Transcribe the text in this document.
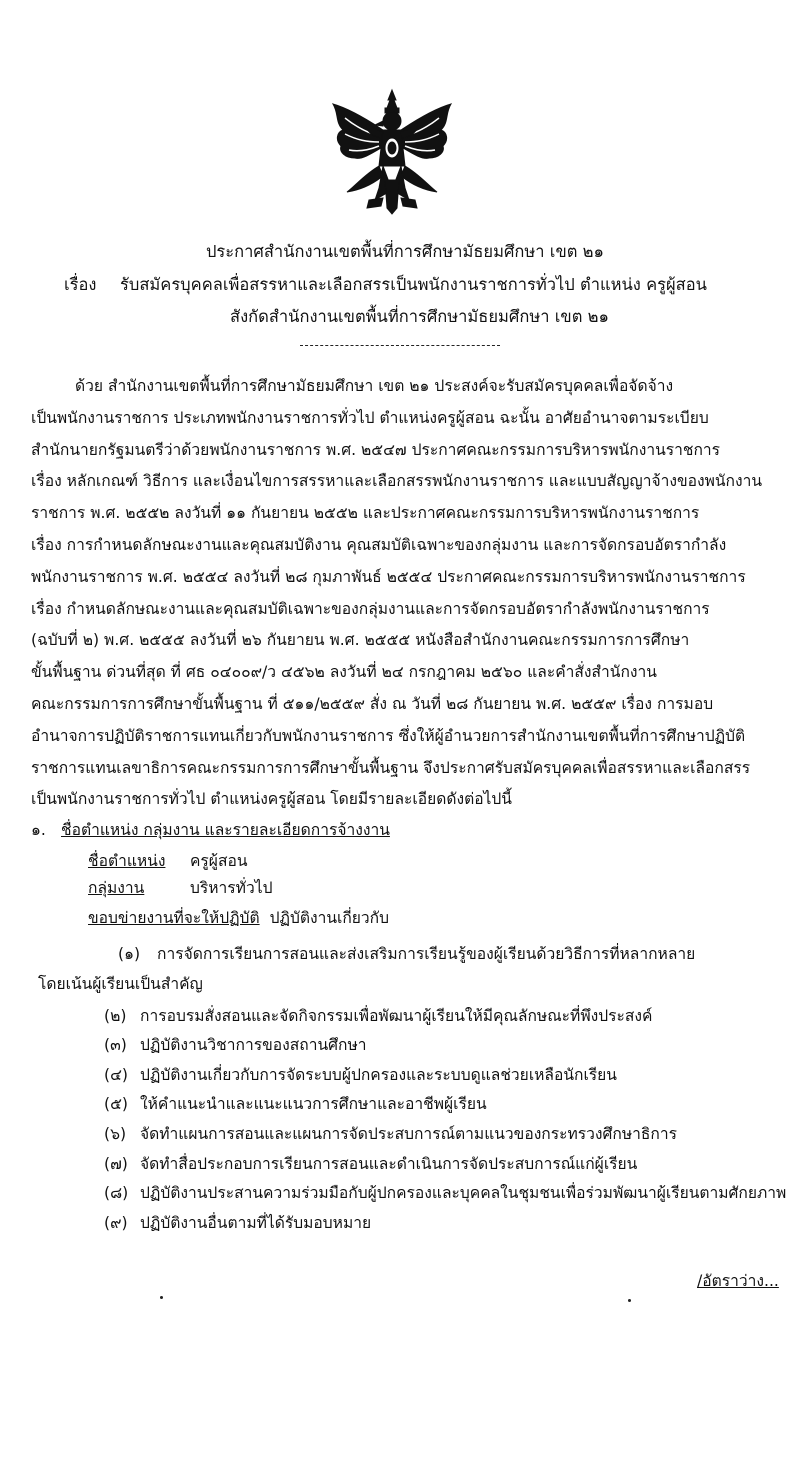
ประกาศสำนักงานเขตพื้นที่การศึกษามัธยมศึกษา เขต ๒๑
เรื่อง รับสมัครบุคคลเพื่อสรรหาและเลือกสรรเป็นพนักงานราชการทั่วไป ตำแหน่ง ครูผู้สอน
สังกัดสำนักงานเขตพื้นที่การศึกษามัธยมศึกษา เขต ๒๑
ด้วย สำนักงานเขตพื้นที่การศึกษามัธยมศึกษา เขต ๒๑ ประสงค์จะรับสมัครบุคคลเพื่อจัดจ้าง
เป็นพนักงานราชการ ประเภทพนักงานราชการทั่วไป ตำแหน่งครูผู้สอน ฉะนั้น อาศัยอำนาจตามระเบียบ
สำนักนายกรัฐมนตรีว่าด้วยพนักงานราชการ พ.ศ. ๒๕๔๗ ประกาศคณะกรรมการบริหารพนักงานราชการ
เรื่อง หลักเกณฑ์ วิธีการ และเงื่อนไขการสรรหาและเลือกสรรพนักงานราชการ และแบบสัญญาจ้างของพนักงาน
ราชการ พ.ศ. ๒๕๕๒ ลงวันที่ ๑๑ กันยายน ๒๕๕๒ และประกาศคณะกรรมการบริหารพนักงานราชการ
เรื่อง การกำหนดลักษณะงานและคุณสมบัติงาน คุณสมบัติเฉพาะของกลุ่มงาน และการจัดกรอบอัตรากำลัง
พนักงานราชการ พ.ศ. ๒๕๕๔ ลงวันที่ ๒๘ กุมภาพันธ์ ๒๕๕๔ ประกาศคณะกรรมการบริหารพนักงานราชการ
เรื่อง กำหนดลักษณะงานและคุณสมบัติเฉพาะของกลุ่มงานและการจัดกรอบอัตรากำลังพนักงานราชการ
(ฉบับที่ ๒) พ.ศ. ๒๕๕๕ ลงวันที่ ๒๖ กันยายน พ.ศ. ๒๕๕๕ หนังสือสำนักงานคณะกรรมการการศึกษา
ขั้นพื้นฐาน ด่วนที่สุด ที่ ศธ ๐๔๐๐๙/ว ๔๕๖๒ ลงวันที่ ๒๔ กรกฎาคม ๒๕๖๐ และคำสั่งสำนักงาน
คณะกรรมการการศึกษาขั้นพื้นฐาน ที่ ๕๑๑/๒๕๕๙ สั่ง ณ วันที่ ๒๘ กันยายน พ.ศ. ๒๕๕๙ เรื่อง การมอบ
อำนาจการปฏิบัติราชการแทนเกี่ยวกับพนักงานราชการ ซึ่งให้ผู้อำนวยการสำนักงานเขตพื้นที่การศึกษาปฏิบัติ
ราชการแทนเลขาธิการคณะกรรมการการศึกษาขั้นพื้นฐาน จึงประกาศรับสมัครบุคคลเพื่อสรรหาและเลือกสรร
เป็นพนักงานราชการทั่วไป ตำแหน่งครูผู้สอน โดยมีรายละเอียดดังต่อไปนี้
๑. ชื่อตำแหน่ง กลุ่มงาน และรายละเอียดการจ้างงาน
ชื่อตำแหน่ง ครูผู้สอน
กลุ่มงาน	บริหารทั่วไป
ขอบข่ายงานที่จะให้ปฏิบัติ ปฏิบัติงานเกี่ยวกับ
(๑) การจัดการเรียนการสอนและส่งเสริมการเรียนรู้ของผู้เรียนด้วยวิธีการที่หลากหลาย
โดยเน้นผู้เรียนเป็นสำคัญ
(๒) การอบรมสั่งสอนและจัดกิจกรรมเพื่อพัฒนาผู้เรียนให้มีคุณลักษณะที่พึงประสงค์
(๓) ปฏิบัติงานวิชาการของสถานศึกษา
(๔) ปฏิบัติงานเกี่ยวกับการจัดระบบผู้ปกครองและระบบดูแลช่วยเหลือนักเรียน
(๕) ให้คำแนะนำและแนะแนวการศึกษาและอาชีพผู้เรียน
(๖) จัดทำแผนการสอนและแผนการจัดประสบการณ์ตามแนวของกระทรวงศึกษาธิการ
(๗) จัดทำสื่อประกอบการเรียนการสอนและดำเนินการจัดประสบการณ์แก่ผู้เรียน
(๘) ปฏิบัติงานประสานความร่วมมือกับผู้ปกครองและบุคคลในชุมชนเพื่อร่วมพัฒนาผู้เรียนตามศักยภาพ
(๙) ปฏิบัติงานอื่นตามที่ได้รับมอบหมาย
/อัตราว่าง...
